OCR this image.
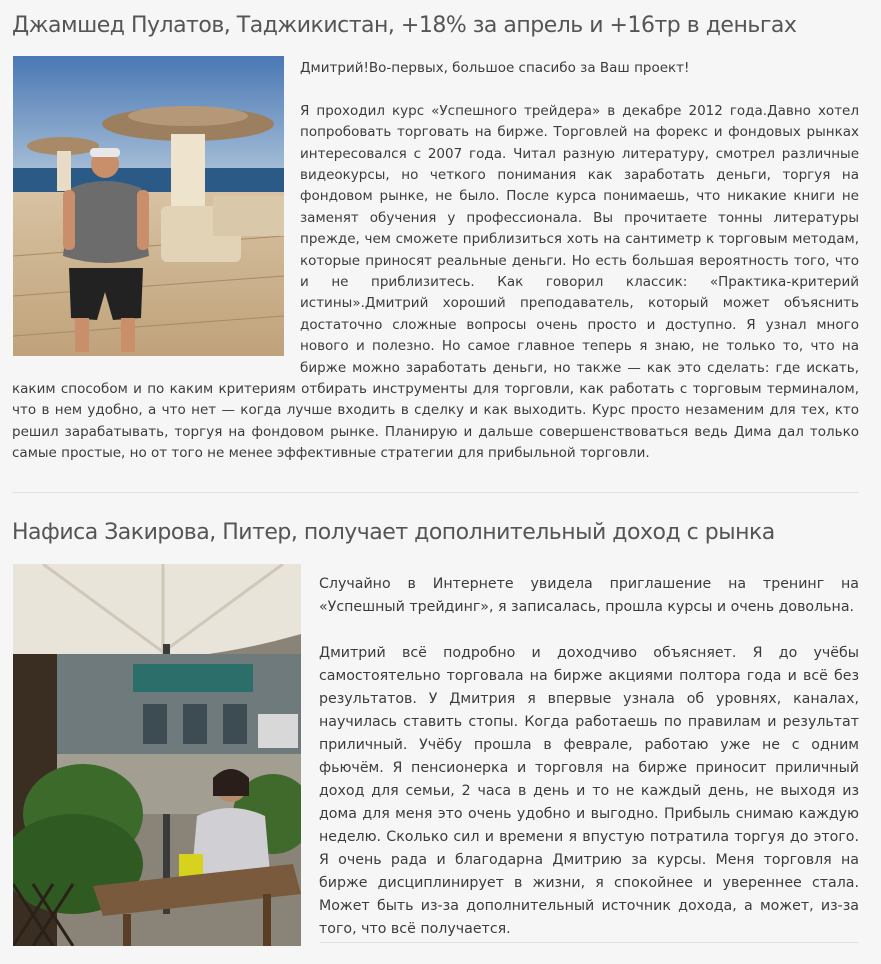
Джамшед Пулатов, Таджикистан, +18% за апрель и +16тр в деньгах

Дмитрий!Во-первых, большое спасибо за Ваш проект!

Я проходил курс «Успешного трейдера» в декабре 2012 года.Давно хотел попробовать торговать на бирже. Торговлей на форекс и фондовых рынках интересовался с 2007 года. Читал разную литературу, смотрел различные видеокурсы, но четкого понимания как заработать деньги, торгуя на фондовом рынке, не было. После курса понимаешь, что никакие книги не заменят обучения у профессионала. Вы прочитаете тонны литературы прежде, чем сможете приблизиться хоть на сантиметр к торговым методам, которые приносят реальные деньги. Но есть большая вероятность того, что и не приблизитесь. Как говорил классик: «Практика-критерий истины».Дмитрий хороший преподаватель, который может объяснить достаточно сложные вопросы очень просто и доступно. Я узнал много нового и полезно. Но самое главное теперь я знаю, не только то, что на бирже можно заработать деньги, но также — как это сделать: где искать, каким способом и по каким критериям отбирать инструменты для торговли, как работать с торговым терминалом, что в нем удобно, а что нет — когда лучше входить в сделку и как выходить. Курс просто незаменим для тех, кто решил зарабатывать, торгуя на фондовом рынке. Планирую и дальше совершенствоваться ведь Дима дал только самые простые, но от того не менее эффективные стратегии для прибыльной торговли.

Нафиса Закирова, Питер, получает дополнительный доход с рынка

Случайно в Интернете увидела приглашение на тренинг на «Успешный трейдинг», я записалась, прошла курсы и очень довольна.

Дмитрий всё подробно и доходчиво объясняет. Я до учёбы самостоятельно торговала на бирже акциями полтора года и всё без результатов. У Дмитрия я впервые узнала об уровнях, каналах, научилась ставить стопы. Когда работаешь по правилам и результат приличный. Учёбу прошла в феврале, работаю уже не с одним фьючём. Я пенсионерка и торговля на бирже приносит приличный доход для семьи, 2 часа в день и то не каждый день, не выходя из дома для меня это очень удобно и выгодно. Прибыль снимаю каждую неделю. Сколько сил и времени я впустую потратила торгуя до этого. Я очень рада и благодарна Дмитрию за курсы. Меня торговля на бирже дисциплинирует в жизни, я спокойнее и увереннее стала. Может быть из-за дополнительный источник дохода, а может, из-за того, что всё получается.
